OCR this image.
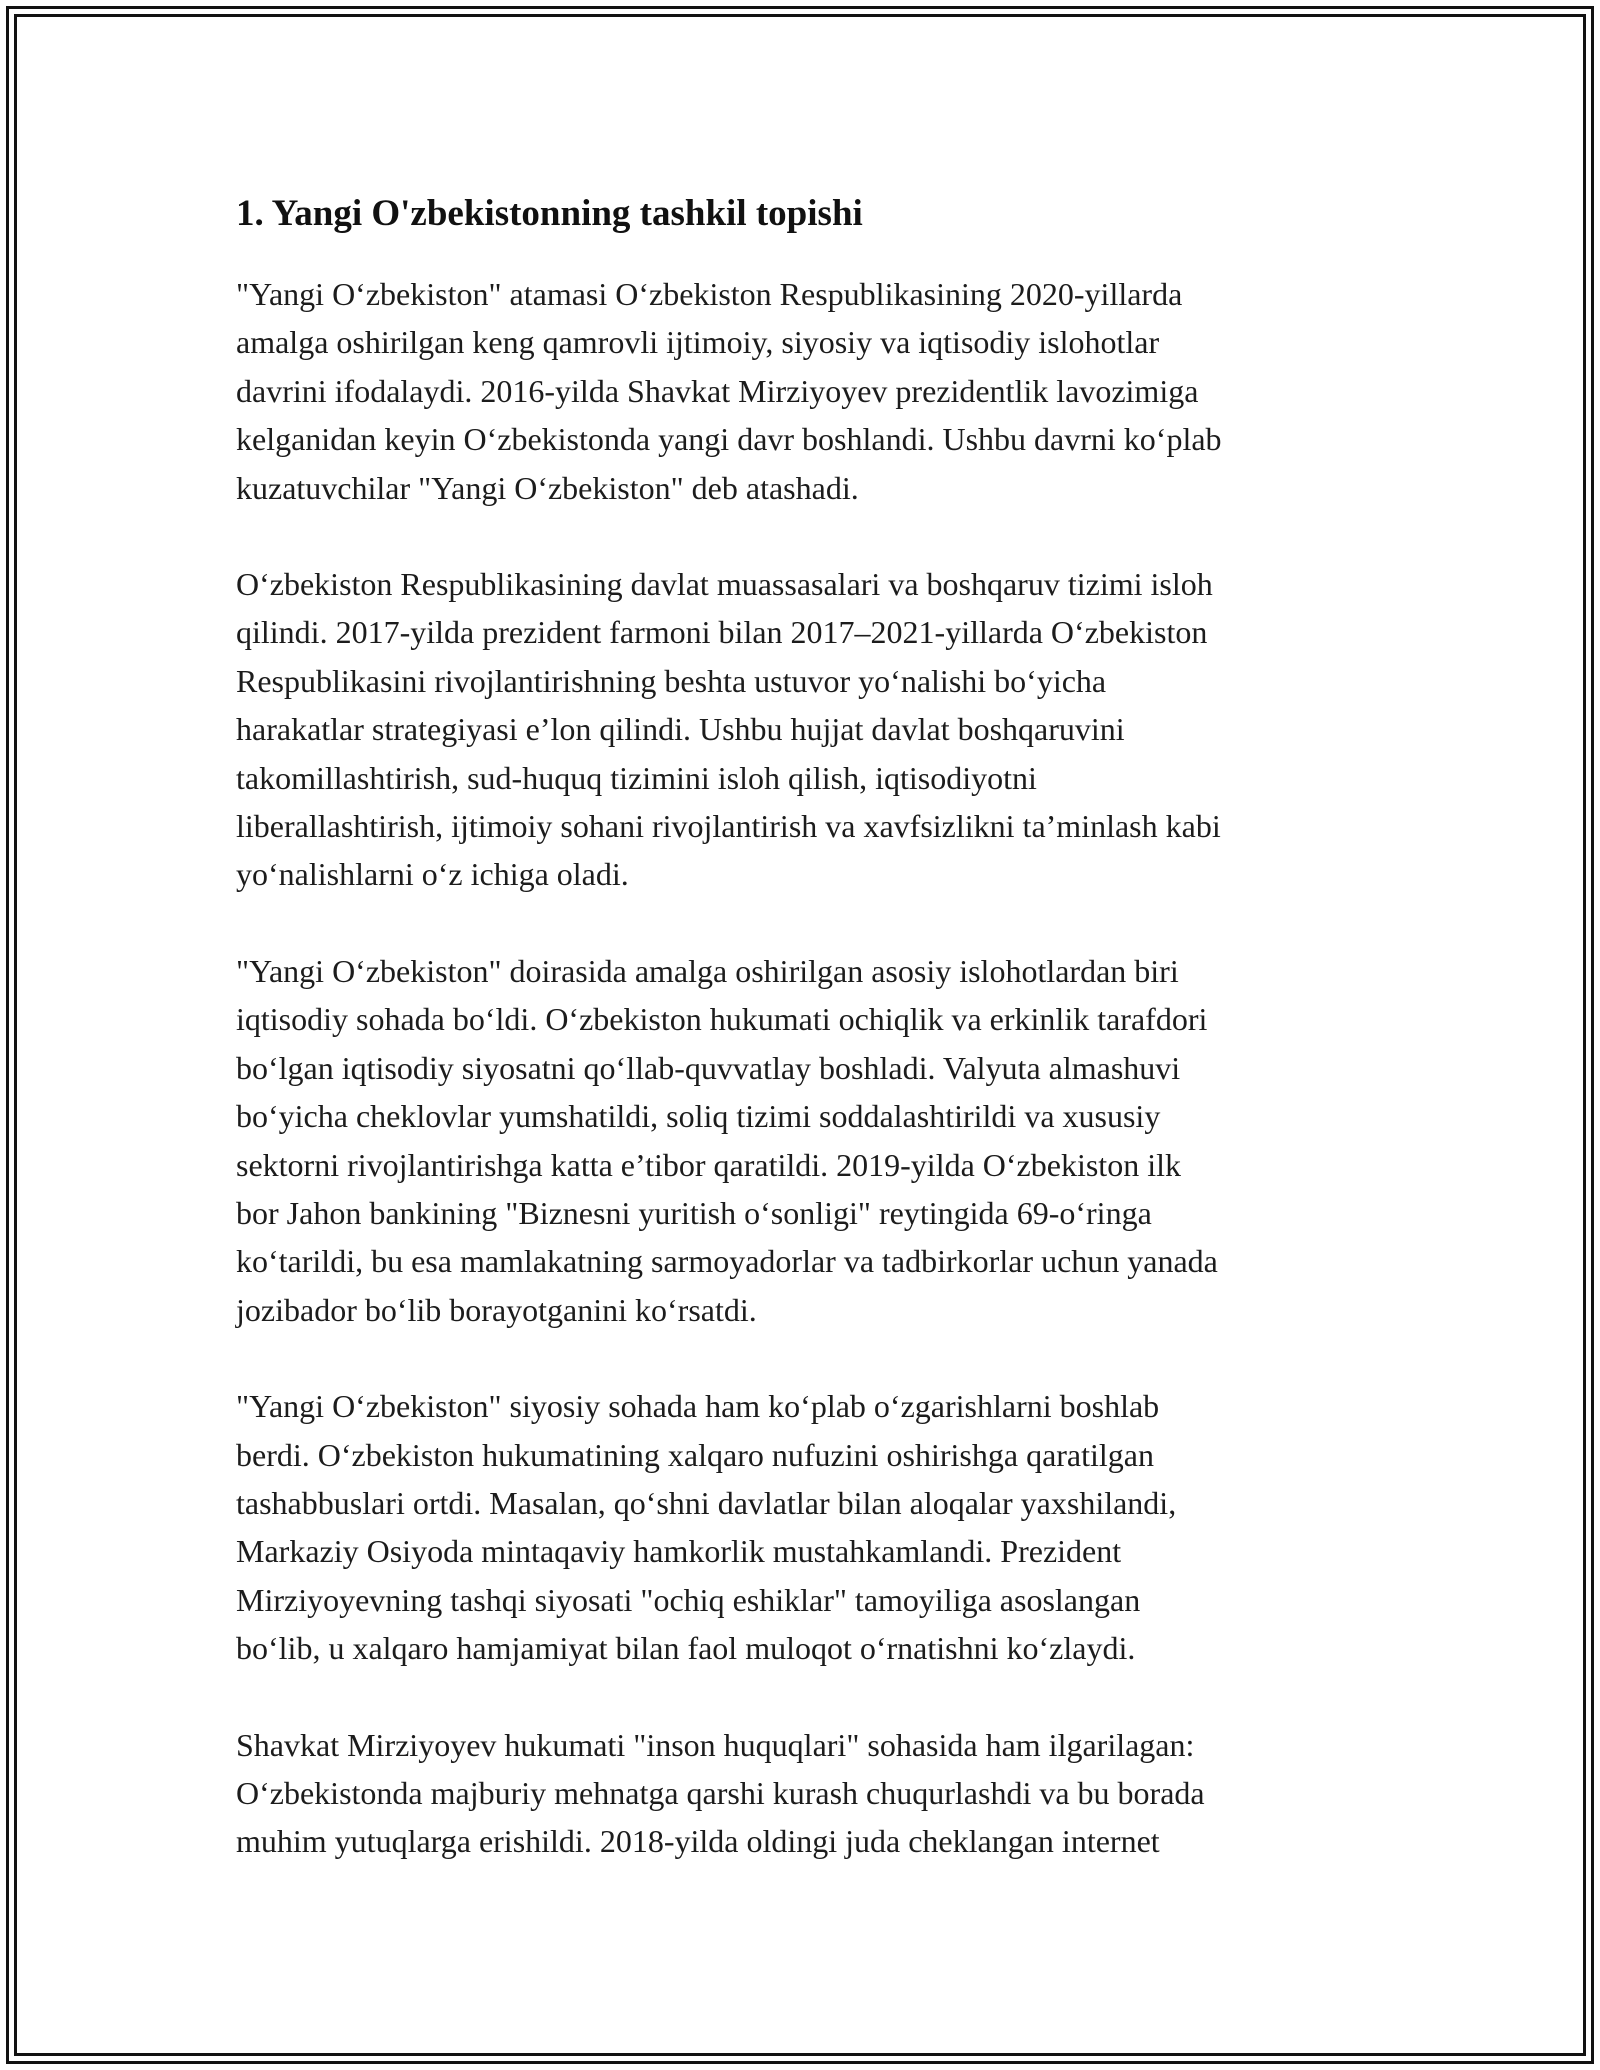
1. Yangi O'zbekistonning tashkil topishi

"Yangi O‘zbekiston" atamasi O‘zbekiston Respublikasining 2020-yillarda
amalga oshirilgan keng qamrovli ijtimoiy, siyosiy va iqtisodiy islohotlar
davrini ifodalaydi. 2016-yilda Shavkat Mirziyoyev prezidentlik lavozimiga
kelganidan keyin O‘zbekistonda yangi davr boshlandi. Ushbu davrni ko‘plab
kuzatuvchilar "Yangi O‘zbekiston" deb atashadi.

O‘zbekiston Respublikasining davlat muassasalari va boshqaruv tizimi isloh
qilindi. 2017-yilda prezident farmoni bilan 2017–2021-yillarda O‘zbekiston
Respublikasini rivojlantirishning beshta ustuvor yo‘nalishi bo‘yicha
harakatlar strategiyasi e’lon qilindi. Ushbu hujjat davlat boshqaruvini
takomillashtirish, sud-huquq tizimini isloh qilish, iqtisodiyotni
liberallashtirish, ijtimoiy sohani rivojlantirish va xavfsizlikni ta’minlash kabi
yo‘nalishlarni o‘z ichiga oladi.

"Yangi O‘zbekiston" doirasida amalga oshirilgan asosiy islohotlardan biri
iqtisodiy sohada bo‘ldi. O‘zbekiston hukumati ochiqlik va erkinlik tarafdori
bo‘lgan iqtisodiy siyosatni qo‘llab-quvvatlay boshladi. Valyuta almashuvi
bo‘yicha cheklovlar yumshatildi, soliq tizimi soddalashtirildi va xususiy
sektorni rivojlantirishga katta e’tibor qaratildi. 2019-yilda O‘zbekiston ilk
bor Jahon bankining "Biznesni yuritish o‘sonligi" reytingida 69-o‘ringa
ko‘tarildi, bu esa mamlakatning sarmoyadorlar va tadbirkorlar uchun yanada
jozibador bo‘lib borayotganini ko‘rsatdi.

"Yangi O‘zbekiston" siyosiy sohada ham ko‘plab o‘zgarishlarni boshlab
berdi. O‘zbekiston hukumatining xalqaro nufuzini oshirishga qaratilgan
tashabbuslari ortdi. Masalan, qo‘shni davlatlar bilan aloqalar yaxshilandi,
Markaziy Osiyoda mintaqaviy hamkorlik mustahkamlandi. Prezident
Mirziyoyevning tashqi siyosati "ochiq eshiklar" tamoyiliga asoslangan
bo‘lib, u xalqaro hamjamiyat bilan faol muloqot o‘rnatishni ko‘zlaydi.

Shavkat Mirziyoyev hukumati "inson huquqlari" sohasida ham ilgarilagan:
O‘zbekistonda majburiy mehnatga qarshi kurash chuqurlashdi va bu borada
muhim yutuqlarga erishildi. 2018-yilda oldingi juda cheklangan internet
